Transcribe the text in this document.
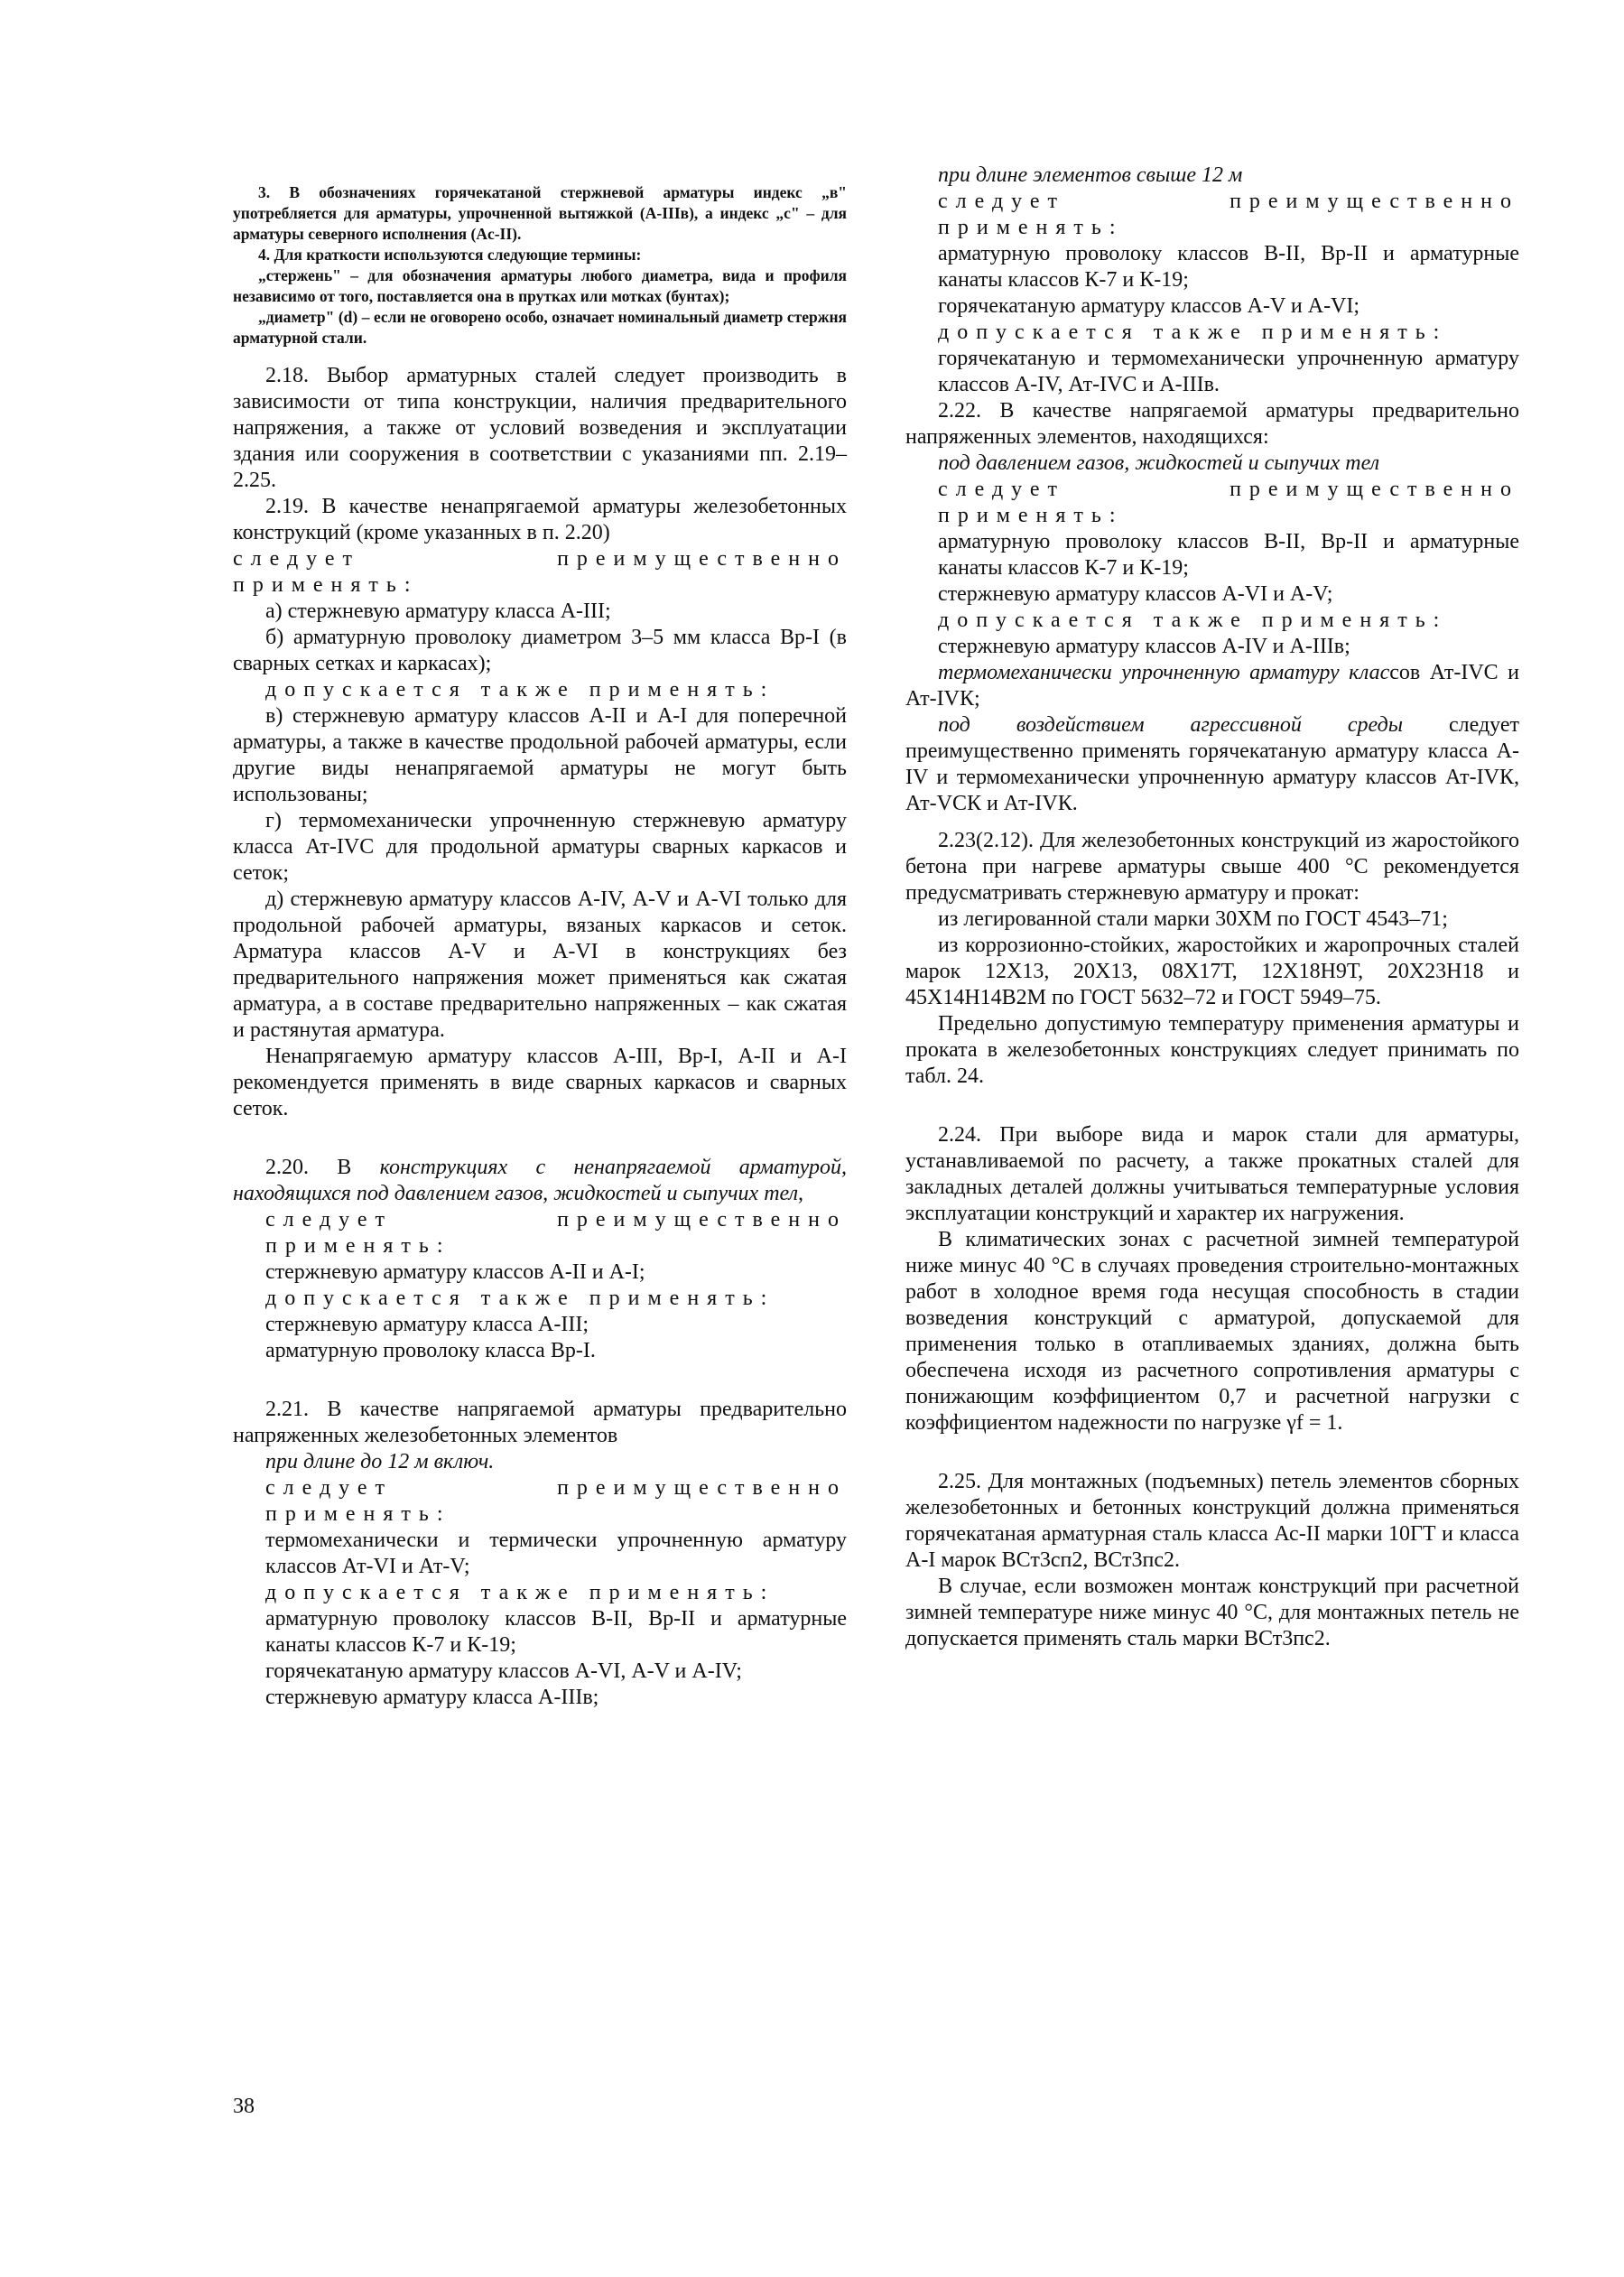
3. В обозначениях горячекатаной стержневой арматуры индекс „в" употребляется для арматуры, упрочненной вытяжкой (A-IIIв), а индекс „с" – для арматуры северного исполнения (Ac-II).

4. Для краткости используются следующие термины:

„стержень" – для обозначения арматуры любого диаметра, вида и профиля независимо от того, поставляется она в прутках или мотках (бунтах);

„диаметр" (d) – если не оговорено особо, означает номинальный диаметр стержня арматурной стали.

2.18. Выбор арматурных сталей следует производить в зависимости от типа конструкции, наличия предварительного напряжения, а также от условий возведения и эксплуатации здания или сооружения в соответствии с указаниями пп. 2.19–2.25.

2.19. В качестве ненапрягаемой арматуры железобетонных конструкций (кроме указанных в п. 2.20)

следует преимущественно применять:

а) стержневую арматуру класса А-III;

б) арматурную проволоку диаметром 3–5 мм класса Вр-I (в сварных сетках и каркасах);

допускается также применять:

в) стержневую арматуру классов А-II и А-I для поперечной арматуры, а также в качестве продольной рабочей арматуры, если другие виды ненапрягаемой арматуры не могут быть использованы;

г) термомеханически упрочненную стержневую арматуру класса Ат-IVС для продольной арматуры сварных каркасов и сеток;

д) стержневую арматуру классов А-IV, А-V и А-VI только для продольной рабочей арматуры, вязаных каркасов и сеток. Арматура классов А-V и А-VI в конструкциях без предварительного напряжения может применяться как сжатая арматура, а в составе предварительно напряженных – как сжатая и растянутая арматура.

Ненапрягаемую арматуру классов А-III, Вр-I, А-II и А-I рекомендуется применять в виде сварных каркасов и сварных сеток.

2.20. В конструкциях с ненапрягаемой арматурой, находящихся под давлением газов, жидкостей и сыпучих тел,

следует преимущественно применять:

стержневую арматуру классов А-II и А-I;

допускается также применять:

стержневую арматуру класса А-III;

арматурную проволоку класса Вр-I.

2.21. В качестве напрягаемой арматуры предварительно напряженных железобетонных элементов

при длине до 12 м включ.

следует преимущественно применять:

термомеханически и термически упрочненную арматуру классов Ат-VI и Ат-V;

допускается также применять:

арматурную проволоку классов В-II, Вр-II и арматурные канаты классов К-7 и К-19;

горячекатаную арматуру классов А-VI, А-V и А-IV;

стержневую арматуру класса А-IIIв;

при длине элементов свыше 12 м

следует преимущественно применять:

арматурную проволоку классов В-II, Вр-II и арматурные канаты классов К-7 и К-19;

горячекатаную арматуру классов А-V и А-VI;

допускается также применять:

горячекатаную и термомеханически упрочненную арматуру классов А-IV, Ат-IVС и А-IIIв.

2.22. В качестве напрягаемой арматуры предварительно напряженных элементов, находящихся:

под давлением газов, жидкостей и сыпучих тел

следует преимущественно применять:

арматурную проволоку классов В-II, Вр-II и арматурные канаты классов К-7 и К-19;

стержневую арматуру классов А-VI и А-V;

допускается также применять:

стержневую арматуру классов А-IV и А-IIIв;

термомеханически упрочненную арматуру классов Ат-IVС и Ат-IVК;

под воздействием агрессивной среды следует преимущественно применять горячекатаную арматуру класса А-IV и термомеханически упрочненную арматуру классов Ат-IVК, Ат-VCК и Ат-IVК.

2.23(2.12). Для железобетонных конструкций из жаростойкого бетона при нагреве арматуры свыше 400 °С рекомендуется предусматривать стержневую арматуру и прокат:

из легированной стали марки 30ХМ по ГОСТ 4543–71;

из коррозионно-стойких, жаростойких и жаропрочных сталей марок 12Х13, 20Х13, 08Х17Т, 12Х18Н9Т, 20Х23Н18 и 45Х14Н14В2М по ГОСТ 5632–72 и ГОСТ 5949–75.

Предельно допустимую температуру применения арматуры и проката в железобетонных конструкциях следует принимать по табл. 24.

2.24. При выборе вида и марок стали для арматуры, устанавливаемой по расчету, а также прокатных сталей для закладных деталей должны учитываться температурные условия эксплуатации конструкций и характер их нагружения.

В климатических зонах с расчетной зимней температурой ниже минус 40 °С в случаях проведения строительно-монтажных работ в холодное время года несущая способность в стадии возведения конструкций с арматурой, допускаемой для применения только в отапливаемых зданиях, должна быть обеспечена исходя из расчетного сопротивления арматуры с понижающим коэффициентом 0,7 и расчетной нагрузки с коэффициентом надежности по нагрузке γf = 1.

2.25. Для монтажных (подъемных) петель элементов сборных железобетонных и бетонных конструкций должна применяться горячекатаная арматурная сталь класса Ас-II марки 10ГТ и класса А-I марок ВСт3сп2, ВСт3пс2.

В случае, если возможен монтаж конструкций при расчетной зимней температуре ниже минус 40 °С, для монтажных петель не допускается применять сталь марки ВСт3пс2.

38
